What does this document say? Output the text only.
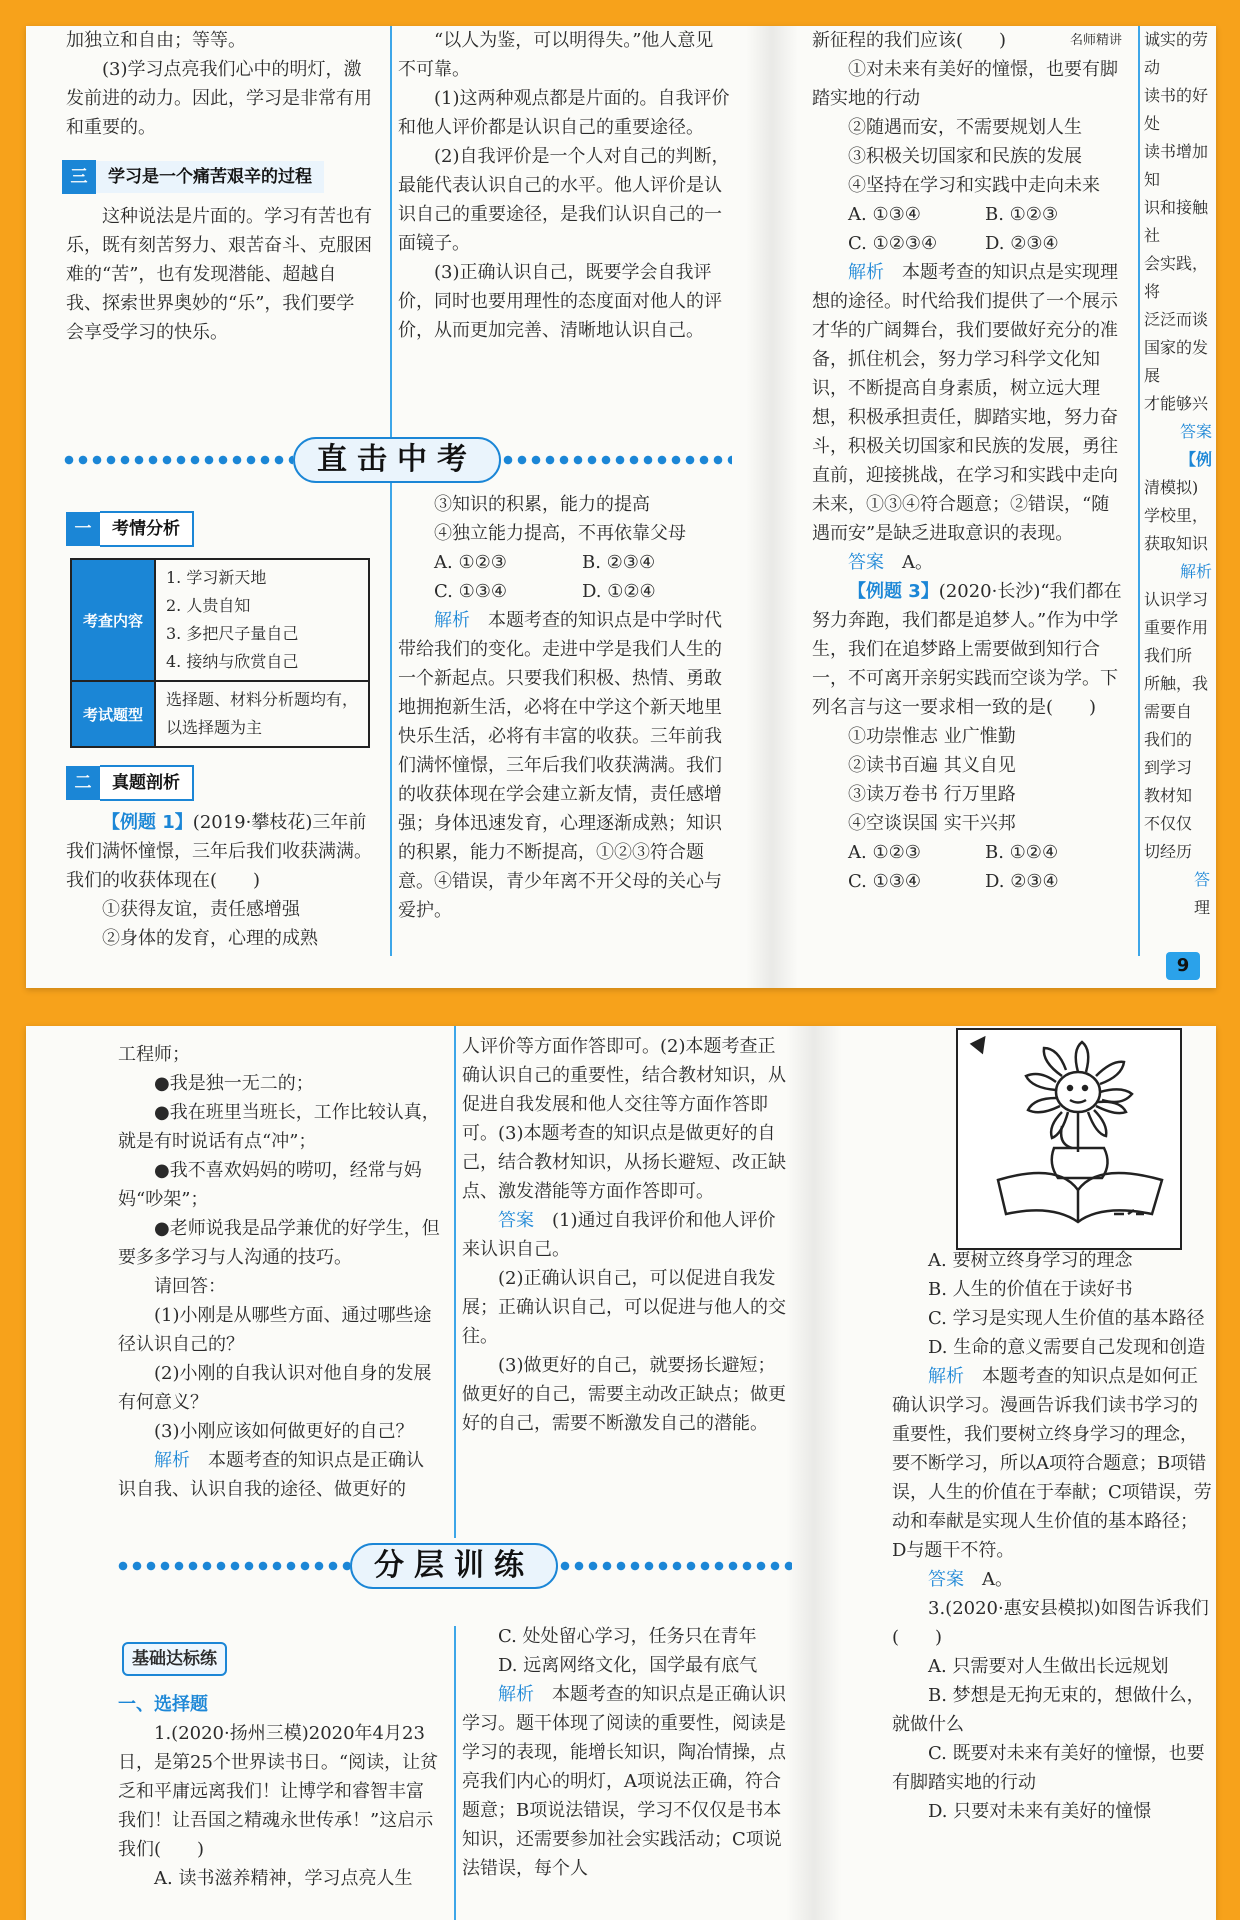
加独立和自由；等等。

(3)学习点亮我们心中的明灯，激发前进的动力。因此，学习是非常有用和重要的。

三	学习是一个痛苦艰辛的过程

这种说法是片面的。学习有苦也有乐，既有刻苦努力、艰苦奋斗、克服困难的“苦”，也有发现潜能、超越自我、探索世界奥妙的“乐”，我们要学会享受学习的快乐。

“以人为鉴，可以明得失。”他人意见不可靠。

(1)这两种观点都是片面的。自我评价和他人评价都是认识自己的重要途径。

(2)自我评价是一个人对自己的判断，最能代表认识自己的水平。他人评价是认识自己的重要途径，是我们认识自己的一面镜子。

(3)正确认识自己，既要学会自我评价，同时也要用理性的态度面对他人的评价，从而更加完善、清晰地认识自己。

直击中考
一	考情分析
考查内容	1. 学习新天地
2. 人贵自知
3. 多把尺子量自己
4. 接纳与欣赏自己

考试题型	选择题、材料分析题均有，以选择题为主
二	真题剖析

【例题 1】(2019·攀枝花)三年前我们满怀憧憬，三年后我们收获满满。我们的收获体现在(　　)

①获得友谊，责任感增强

②身体的发育，心理的成熟

③知识的积累，能力的提高

④独立能力提高，不再依靠父母

A. ①②③	B. ②③④
C. ①③④	D. ①②④

解析　 本题考查的知识点是中学时代带给我们的变化。走进中学是我们人生的一个新起点。只要我们积极、热情、勇敢地拥抱新生活，必将在中学这个新天地里快乐生活，必将有丰富的收获。三年前我们满怀憧憬，三年后我们收获满满。我们的收获体现在学会建立新友情，责任感增强；身体迅速发育，心理逐渐成熟；知识的积累，能力不断提高，①②③符合题意。④错误，青少年离不开父母的关心与爱护。

新征程的我们应该(　　)	名师精讲

①对未来有美好的憧憬，也要有脚踏实地的行动

②随遇而安，不需要规划人生

③积极关切国家和民族的发展

④坚持在学习和实践中走向未来

A. ①③④	B. ①②③
C. ①②③④	D. ②③④

解析　 本题考查的知识点是实现理想的途径。时代给我们提供了一个展示才华的广阔舞台，我们要做好充分的准备，抓住机会，努力学习科学文化知识，不断提高自身素质，树立远大理想，积极承担责任，脚踏实地，努力奋斗，积极关切国家和民族的发展，勇往直前，迎接挑战，在学习和实践中走向未来，①③④符合题意；②错误，“随遇而安”是缺乏进取意识的表现。

答案　 A。

【例题 3】(2020·长沙)“我们都在努力奔跑，我们都是追梦人。”作为中学生，我们在追梦路上需要做到知行合一，不可离开亲躬实践而空谈为学。下列名言与这一要求相一致的是(　　)

①功崇惟志 业广惟勤

②读书百遍 其义自见

③读万卷书 行万里路

④空谈误国 实干兴邦

A. ①②③	B. ①②④
C. ①③④	D. ②③④
诚实的劳动
读书的好处
读书增加知
识和接触社
会实践，将
泛泛而谈
国家的发展
才能够兴
答案
【例
清模拟)
学校里，
获取知识
解析
认识学习
重要作用
我们所
所触，我
需要自
我们的
到学习
教材知
不仅仅
切经历
答
理
9

工程师；

●我是独一无二的；

●我在班里当班长，工作比较认真，就是有时说话有点“冲”；

●我不喜欢妈妈的唠叨，经常与妈妈“吵架”；

●老师说我是品学兼优的好学生，但要多多学习与人沟通的技巧。

请回答：

(1)小刚是从哪些方面、通过哪些途径认识自己的？

(2)小刚的自我认识对他自身的发展有何意义？

(3)小刚应该如何做更好的自己？

解析　 本题考查的知识点是正确认识自我、认识自我的途径、做更好的

人评价等方面作答即可。(2)本题考查正确认识自己的重要性，结合教材知识，从促进自我发展和他人交往等方面作答即可。(3)本题考查的知识点是做更好的自己，结合教材知识，从扬长避短、改正缺点、激发潜能等方面作答即可。

答案　 (1)通过自我评价和他人评价来认识自己。

(2)正确认识自己，可以促进自我发展；正确认识自己，可以促进与他人的交往。

(3)做更好的自己，就要扬长避短；做更好的自己，需要主动改正缺点；做更好的自己，需要不断激发自己的潜能。

分层训练
基础达标练

一、选择题

1.(2020·扬州三模)2020年4月23日，是第25个世界读书日。“阅读，让贫乏和平庸远离我们！让博学和睿智丰富我们！让吾国之精魂永世传承！”这启示我们(　　)

A. 读书滋养精神，学习点亮人生

C. 处处留心学习，任务只在青年

D. 远离网络文化，国学最有底气

解析　 本题考查的知识点是正确认识学习。题干体现了阅读的重要性，阅读是学习的表现，能增长知识，陶冶情操，点亮我们内心的明灯，A项说法正确，符合题意；B项说法错误，学习不仅仅是书本知识，还需要参加社会实践活动；C项说法错误，每个人

A. 要树立终身学习的理念

B. 人生的价值在于读好书

C. 学习是实现人生价值的基本路径

D. 生命的意义需要自己发现和创造

解析　 本题考查的知识点是如何正确认识学习。漫画告诉我们读书学习的重要性，我们要树立终身学习的理念，要不断学习，所以A项符合题意；B项错误，人生的价值在于奉献；C项错误，劳动和奉献是实现人生价值的基本路径；D与题干不符。

答案　 A。

3.(2020·惠安县模拟)如图告诉我们(　　)

A. 只需要对人生做出长远规划

B. 梦想是无拘无束的，想做什么，就做什么

C. 既要对未来有美好的憧憬，也要有脚踏实地的行动

D. 只要对未来有美好的憧憬
